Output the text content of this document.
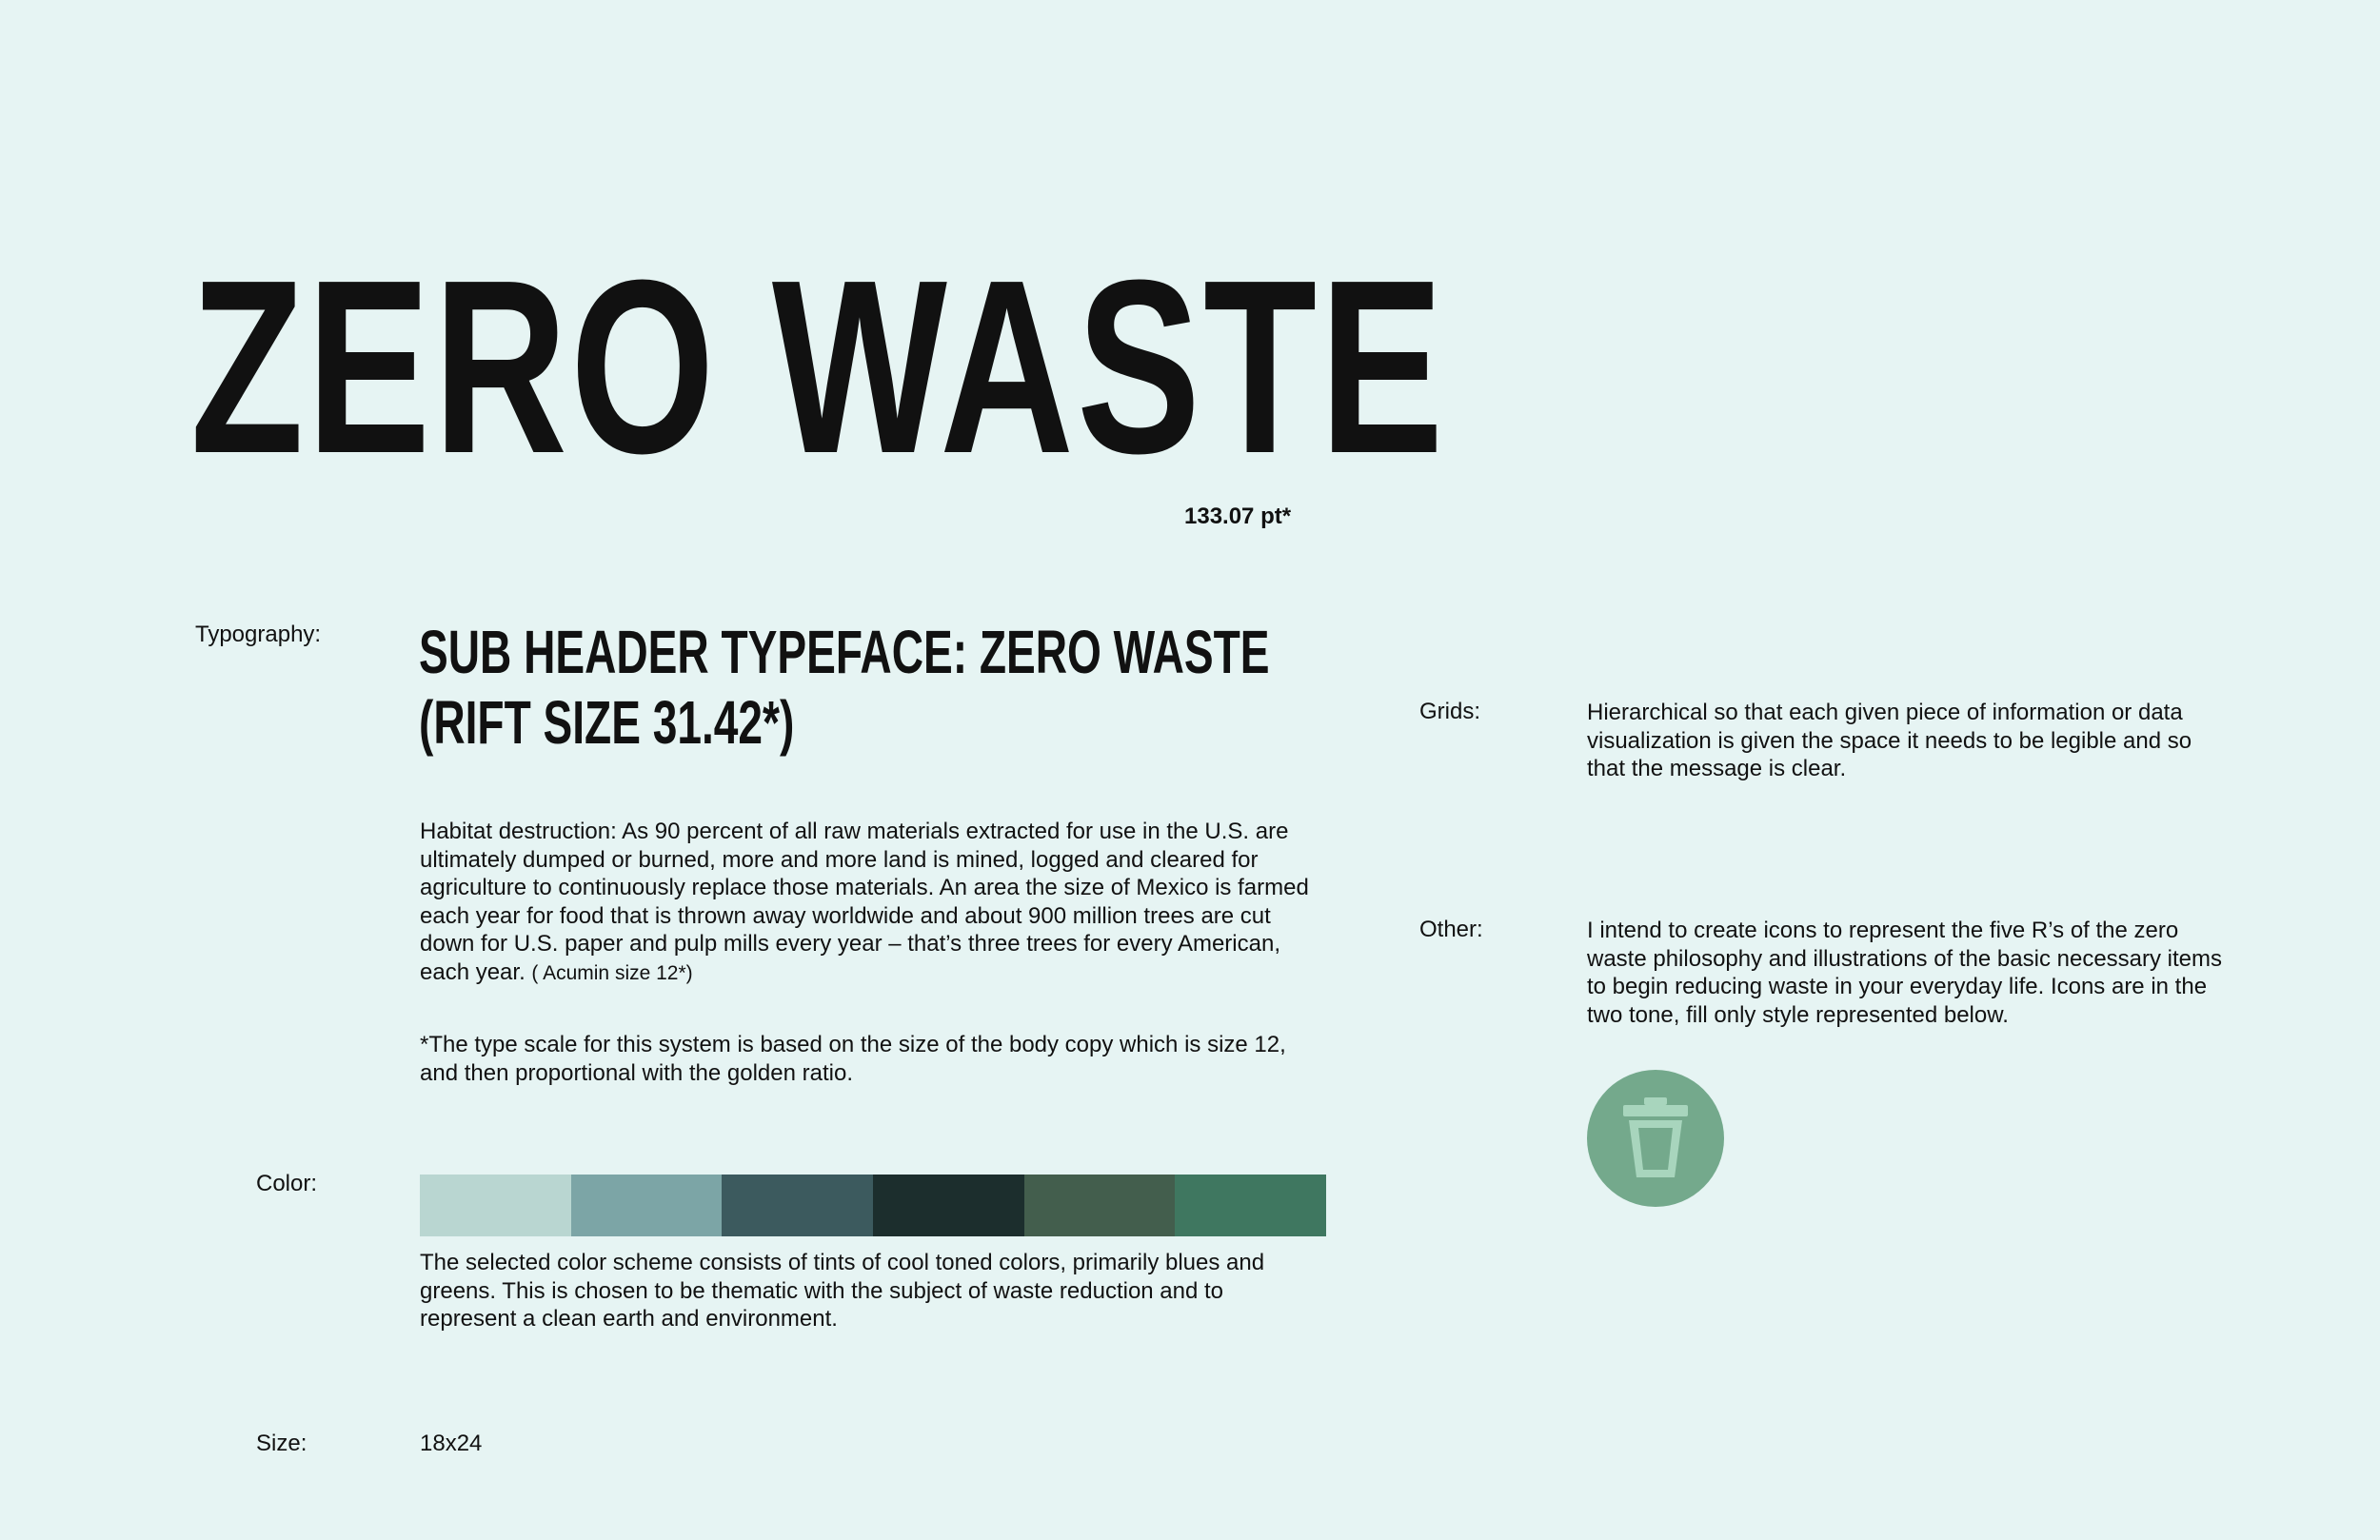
ZERO WASTE
133.07 pt*
Typography: SUB HEADER TYPEFACE: ZERO WASTE
(RIFT SIZE 31.42*)
Habitat destruction: As 90 percent of all raw materials extracted for use in the U.S. are ultimately dumped or burned, more and more land is mined, logged and cleared for agriculture to continuously replace those materials. An area the size of Mexico is farmed each year for food that is thrown away worldwide and about 900 million trees are cut down for U.S. paper and pulp mills every year – that’s three trees for every American, each year. ( Acumin size 12*)
*The type scale for this system is based on the size of the body copy which is size 12, and then proportional with the golden ratio.
Color:
The selected color scheme consists of tints of cool toned colors, primarily blues and greens. This is chosen to be thematic with the subject of waste reduction and to represent a clean earth and environment.
Size:	18x24
Grids:	Hierarchical so that each given piece of information or data visualization is given the space it needs to be legible and so that the message is clear.
Other:	I intend to create icons to represent the five R’s of the zero waste philosophy and illustrations of the basic necessary items to begin reducing waste in your everyday life. Icons are in the two tone, fill only style represented below.
